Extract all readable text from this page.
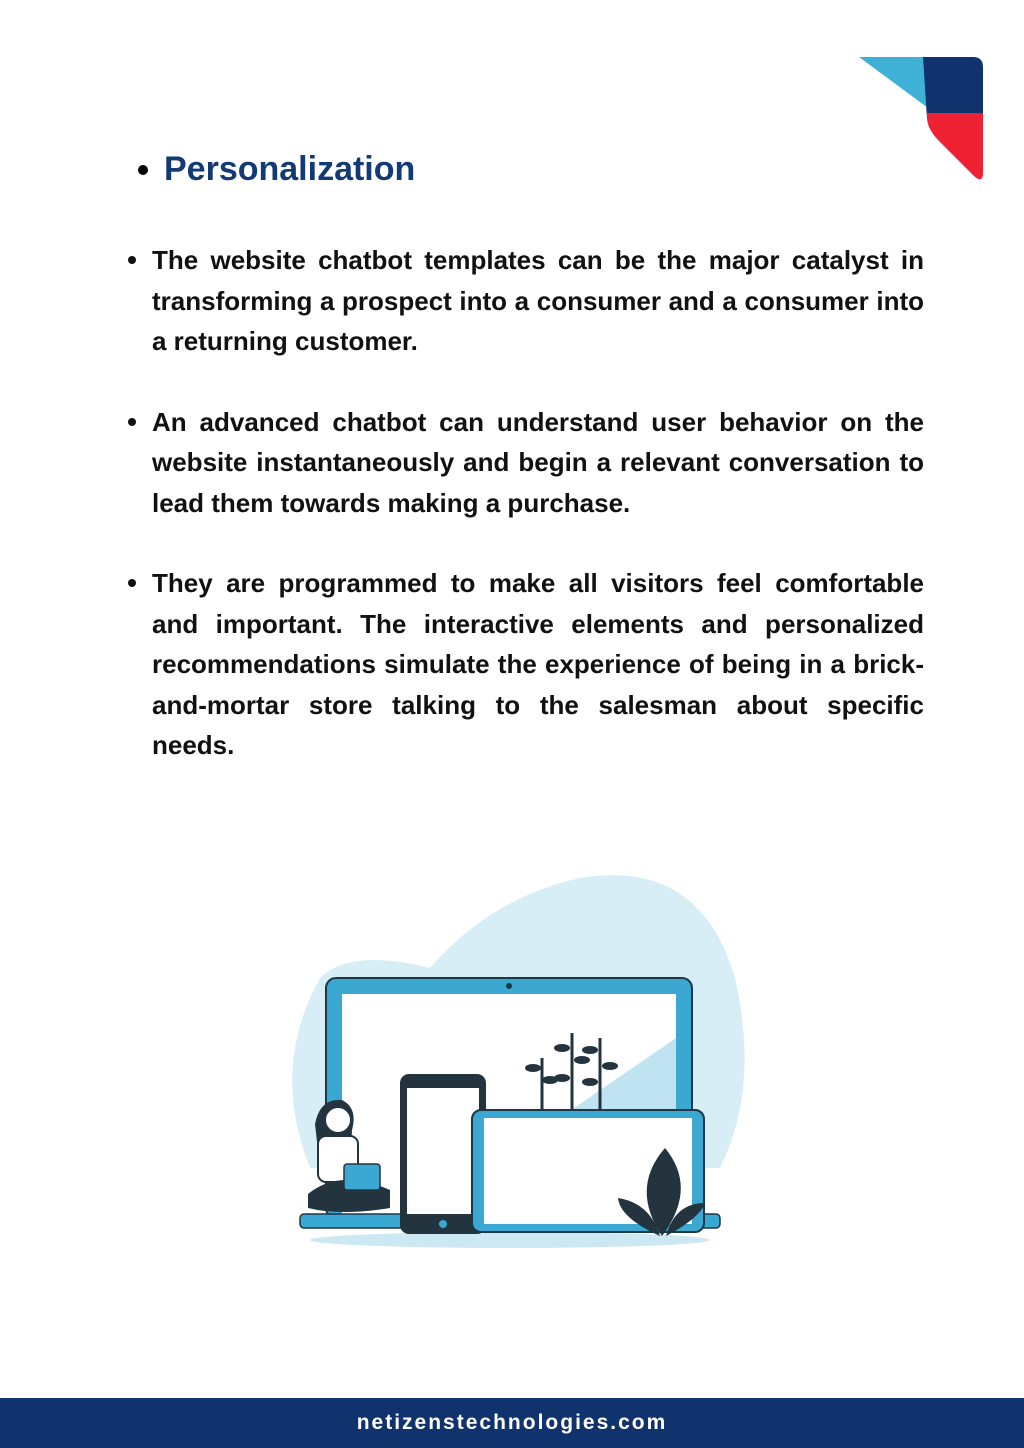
Personalization
The website chatbot templates can be the major catalyst in transforming a prospect into a consumer and a consumer into a returning customer.
An advanced chatbot can understand user behavior on the website instantaneously and begin a relevant conversation to lead them towards making a purchase.
They are programmed to make all visitors feel comfortable and important. The interactive elements and personalized recommendations simulate the experience of being in a brick-and-mortar store talking to the salesman about specific needs.
netizenstechnologies.com
